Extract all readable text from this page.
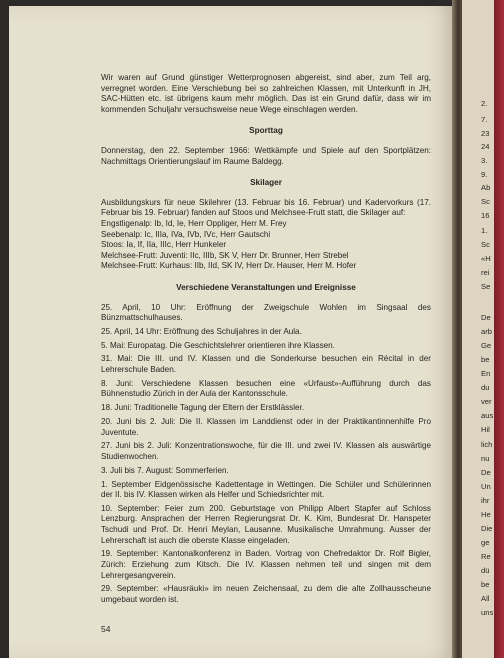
Wir waren auf Grund günstiger Wetterprognosen abgereist, sind aber, zum Teil arg, verregnet worden. Eine Verschiebung bei so zahlreichen Klassen, mit Unterkunft in JH, SAC-Hütten etc. ist übrigens kaum mehr möglich. Das ist ein Grund dafür, dass wir im kommenden Schuljahr versuchsweise neue Wege einschlagen werden.

Sporttag

Donnerstag, den 22. September 1966: Wettkämpfe und Spiele auf den Sportplätzen: Nachmittags Orientierungslauf im Raume Baldegg.

Skilager

Ausbildungskurs für neue Skilehrer (13. Februar bis 16. Februar) und Kadervorkurs (17. Februar bis 19. Februar) fanden auf Stoos und Melchsee-Frutt statt, die Skilager auf:

Engstligenalp: Ib, Id, Ie, Herr Oppliger, Herr M. Frey

Seebenalp: Ic, IIIa, IVa, IVb, IVc, Herr Gautschi

Stoos: Ia, If, IIa, IIIc, Herr Hunkeler

Melchsee-Frutt: Juventi: IIc, IIIb, SK V, Herr Dr. Brunner, Herr Strebel

Melchsee-Frutt: Kurhaus: IIb, IId, SK IV, Herr Dr. Hauser, Herr M. Hofer

Verschiedene Veranstaltungen und Ereignisse

25. April, 10 Uhr: Eröffnung der Zweigschule Wohlen im Singsaal des Bünzmattschulhauses.

25. April, 14 Uhr: Eröffnung des Schuljahres in der Aula.

5. Mai: Europatag. Die Geschichtslehrer orientieren ihre Klassen.

31. Mai: Die III. und IV. Klassen und die Sonderkurse besuchen ein Récital in der Lehrerschule Baden.

8. Juni: Verschiedene Klassen besuchen eine «Urfaust»-Aufführung durch das Bühnenstudio Zürich in der Aula der Kantonsschule.

18. Juni: Traditionelle Tagung der Eltern der Erstklässler.

20. Juni bis 2. Juli: Die II. Klassen im Landdienst oder in der Praktikantinnenhilfe Pro Juventute.

27. Juni bis 2. Juli: Konzentrationswoche, für die III. und zwei IV. Klassen als auswärtige Studienwochen.

3. Juli bis 7. August: Sommerferien.

1. September Eidgenössische Kadettentage in Wettingen. Die Schüler und Schülerinnen der II. bis IV. Klassen wirken als Helfer und Schiedsrichter mit.

10. September: Feier zum 200. Geburtstage von Philipp Albert Stapfer auf Schloss Lenzburg. Ansprachen der Herren Regierungsrat Dr. K. Kim, Bundesrat Dr. Hanspeter Tschudi und Prof. Dr. Henri Meylan, Lausanne. Musikalische Umrahmung. Ausser der Lehrerschaft ist auch die oberste Klasse eingeladen.

19. September: Kantonalkonferenz in Baden. Vortrag von Chefredaktor Dr. Rolf Bigler, Zürich: Erziehung zum Kitsch. Die IV. Klassen nehmen teil und singen mit dem Lehrergesangverein.

29. September: «Hausräuki» im neuen Zeichensaal, zu dem die alte Zollhausscheune umgebaut worden ist.

54
2.
7.
23
24
3.
9.
Ab
Sc
16
1.
Sc
«H
rei
Se
De
arb
Ge
be
En
du
ver
aus
Hil
lich
nu
De
Un
ihr
He
Die
ge
Re
dü
be
All
uns
